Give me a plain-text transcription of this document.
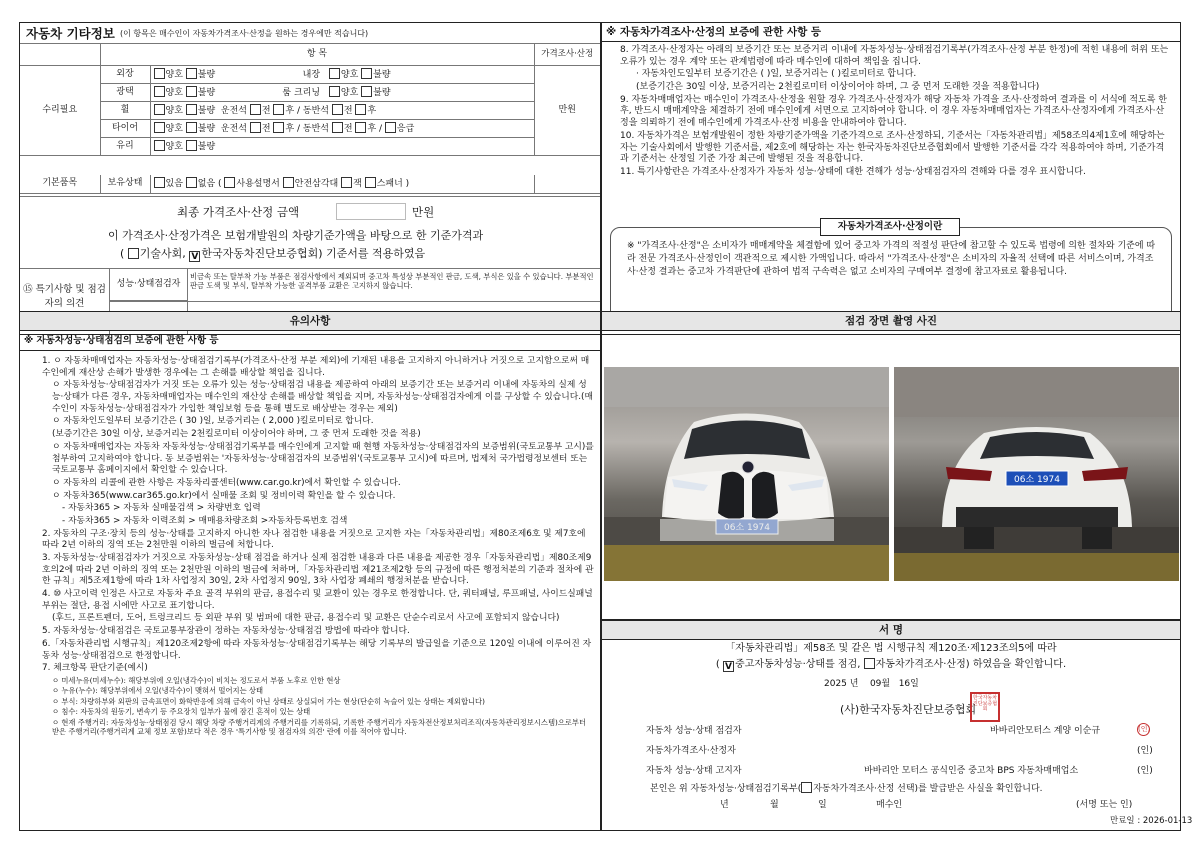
자동차 기타정보 (이 항목은 매수인이 자동차가격조사·산정을 원하는 경우에만 적습니다)
	항 목		가격조사·산정
수리필요	외장	양호 불량 내장 양호 불량	만원
	광택	양호 불량 룸 크리닝 양호 불량	
	휠	양호 불량 운전석 전 후 / 동반석 전 후	
	타이어	양호 불량 운전석 전 후 / 동반석 전 후 / 응급	
	유리	양호 불량	
기본품목	보유상태	있음 없음 ( 사용설명서 안전삼각대 잭 스패너 )	
최종 가격조사·산정 금액	만원
이 가격조사·산정가격은 보험개발원의 차량기준가액을 바탕으로 한 기준가격과
( 기술사회, V 한국자동차진단보증협회) 기준서를 적용하였음
⑮ 특기사항 및 점검자의 의견
성능·상태점검자
비금속 또는 탈부착 가능 부품은 점검사항에서 제외되며 중고차 특성상 부분적인 판금, 도색, 부식은 있을 수 있습니다. 부분적인 판금 도색 및 부식, 탈부착 가능한 골격부품 교환은 고지하지 않습니다.
※ 자동차가격조사·산정의 보증에 관한 사항 등

8. 가격조사·산정자는 아래의 보증기간 또는 보증거리 이내에 자동차성능·상태점검기록부(가격조사·산정 부분 한정)에 적힌 내용에 허위 또는 오류가 있는 경우 계약 또는 관계법령에 따라 매수인에 대하여 책임을 집니다.

· 자동차인도일부터 보증기간은 ( )일, 보증거리는 ( )킬로미터로 합니다.

(보증기간은 30일 이상, 보증거리는 2천킬로미터 이상이어야 하며, 그 중 먼저 도래한 것을 적용합니다)

9. 자동차매매업자는 매수인이 가격조사·산정을 원할 경우 가격조사·산정자가 해당 자동차 가격을 조사·산정하여 결과를 이 서식에 적도록 한 후, 반드시 매매계약을 체결하기 전에 매수인에게 서면으로 고지하여야 합니다. 이 경우 자동차매매업자는 가격조사·산정자에게 가격조사·산정을 의뢰하기 전에 매수인에게 가격조사·산정 비용을 안내하여야 합니다.

10. 자동차가격은 보험개발원이 정한 차량기준가액을 기준가격으로 조사·산정하되, 기준서는「자동차관리법」제58조의4제1호에 해당하는 자는 기술사회에서 발행한 기준서를, 제2호에 해당하는 자는 한국자동차진단보증협회에서 발행한 기준서를 각각 적용하여야 하며, 기준가격과 기준서는 산정일 기준 가장 최근에 발행된 것을 적용합니다.

11. 특기사항란은 가격조사·산정자가 자동차 성능·상태에 대한 견해가 성능·상태점검자의 견해와 다를 경우 표시합니다.

자동차가격조사·산정이란
※ "가격조사·산정"은 소비자가 매매계약을 체결함에 있어 중고차 가격의 적절성 판단에 참고할 수 있도록 법령에 의한 절차와 기준에 따라 전문 가격조사·산정인이 객관적으로 제시한 가액입니다. 따라서 "가격조사·산정"은 소비자의 자율적 선택에 따른 서비스이며, 가격조사·산정 결과는 중고차 가격판단에 관하여 법적 구속력은 없고 소비자의 구매여부 결정에 참고자료로 활용됩니다.
유의사항
※ 자동차성능·상태점검의 보증에 관한 사항 등

1. ㅇ 자동차매매업자는 자동차성능·상태점검기록부(가격조사·산정 부분 제외)에 기재된 내용을 고지하지 아니하거나 거짓으로 고지함으로써 매수인에게 재산상 손해가 발생한 경우에는 그 손해를 배상할 책임을 집니다.

ㅇ 자동차성능·상태점검자가 거짓 또는 오류가 있는 성능·상태점검 내용을 제공하여 아래의 보증기간 또는 보증거리 이내에 자동차의 실제 성능·상태가 다른 경우, 자동차매매업자는 매수인의 재산상 손해를 배상할 책임을 지며, 자동차성능·상태점검자에게 이를 구상할 수 있습니다.(매수인이 자동차성능·상태점검자가 가입한 책임보험 등을 통해 별도로 배상받는 경우는 제외)

ㅇ 자동차인도일부터 보증기간은 ( 30 )일, 보증거리는 ( 2,000 )킬로미터로 합니다.

(보증기간은 30일 이상, 보증거리는 2천킬로미터 이상이어야 하며, 그 중 먼저 도래한 것을 적용)

ㅇ 자동차매매업자는 자동차 자동차성능·상태점검기록부를 매수인에게 고지할 때 현행 자동차성능·상태점검자의 보증범위(국토교통부 고시)를 첨부하여 고지하여야 합니다. 동 보증범위는 '자동차성능·상태점검자의 보증범위'(국토교통부 고시)에 따르며, 법제처 국가법령정보센터 또는 국토교통부 홈페이지에서 확인할 수 있습니다.

ㅇ 자동차의 리콜에 관한 사항은 자동차리콜센터(www.car.go.kr)에서 확인할 수 있습니다.

ㅇ 자동차365(www.car365.go.kr)에서 실매물 조회 및 정비이력 확인을 할 수 있습니다.

- 자동차365 > 자동차 실매물검색 > 차량번호 입력

- 자동차365 > 자동차 이력조회 > 매매용차량조회 >자동차등록번호 검색

2. 자동차의 구조·장치 등의 성능·상태를 고지하지 아니한 자나 점검한 내용을 거짓으로 고지한 자는「자동차관리법」제80조제6호 및 제7호에 따라 2년 이하의 징역 또는 2천만원 이하의 벌금에 처합니다.

3. 자동차성능·상태점검자가 거짓으로 자동차성능·상태 점검을 하거나 실제 점검한 내용과 다른 내용을 제공한 경우「자동차관리법」제80조제9호의2에 따라 2년 이하의 징역 또는 2천만원 이하의 벌금에 처하며,「자동차관리법 제21조제2항 등의 규정에 따른 행정처분의 기준과 절차에 관한 규칙」제5조제1항에 따라 1차 사업정지 30일, 2차 사업정지 90일, 3차 사업장 폐쇄의 행정처분을 받습니다.

4. ⑩ 사고이력 인정은 사고로 자동차 주요 골격 부위의 판금, 용접수리 및 교환이 있는 경우로 한정합니다. 단, 쿼터패널, 루프패널, 사이드실패널 부위는 절단, 용접 시에만 사고로 표기합니다.

(후드, 프론트펜더, 도어, 트렁크리드 등 외판 부위 및 범퍼에 대한 판금, 용접수리 및 교환은 단순수리로서 사고에 포함되지 않습니다)

5. 자동차성능·상태점검은 국토교통부장관이 정하는 자동차성능·상태점검 방법에 따라야 합니다.

6.「자동차관리법 시행규칙」제120조제2항에 따라 자동차성능·상태점검기록부는 해당 기록부의 발급일을 기준으로 120일 이내에 이루어진 자동차 성능·상태점검으로 한정합니다.

7. 체크항목 판단기준(예시)

ㅇ 미세누유(미세누수): 해당부위에 오일(냉각수)이 비치는 정도로서 부품 노후로 인한 현상

ㅇ 누유(누수): 해당부위에서 오일(냉각수)이 맺혀서 떨어지는 상태

ㅇ 부식: 차량하부와 외판의 금속표면이 화학반응에 의해 금속이 아닌 상태로 상실되어 가는 현상(단순히 녹슬어 있는 상태는 제외합니다)

ㅇ 침수: 자동차의 원동기, 변속기 등 주요장치 일부가 물에 잠긴 흔적이 있는 상태

ㅇ 현재 주행거리: 자동차성능·상태점검 당시 해당 차량 주행거리계의 주행거리를 기록하되, 기록한 주행거리가 자동차전산정보처리조직(자동차관리정보시스템)으로부터 받은 주행거리(주행거리계 교체 정보 포함)보다 적은 경우 '특기사항 및 점검자의 의견' 란에 이를 적어야 합니다.

점검 장면 촬영 사진
06소 1974
서 명
「자동차관리법」제58조 및 같은 법 시행규칙 제120조·제123조의5에 따라
( V중고자동차성능·상태를 점검, 자동차가격조사·산정) 하였음을 확인합니다.
2025 년 09월 16일
(사)한국자동차진단보증협회
한국자동차진단보증협회
자동차 성능·상태 점검자	바바리안모터스 계양 이순규	(인)
자동차가격조사·산정자	(인)
자동차 성능·상태 고지자	바바리안 모터스 공식인증 중고차 BPS 자동차매매업소	(인)
본인은 위 자동차성능·상태점검기록부( 자동차가격조사·산정 선택)를 발급받은 사실을 확인합니다.
년	월	일	매수인	(서명 또는 인)
만료일 : 2026-01-13
